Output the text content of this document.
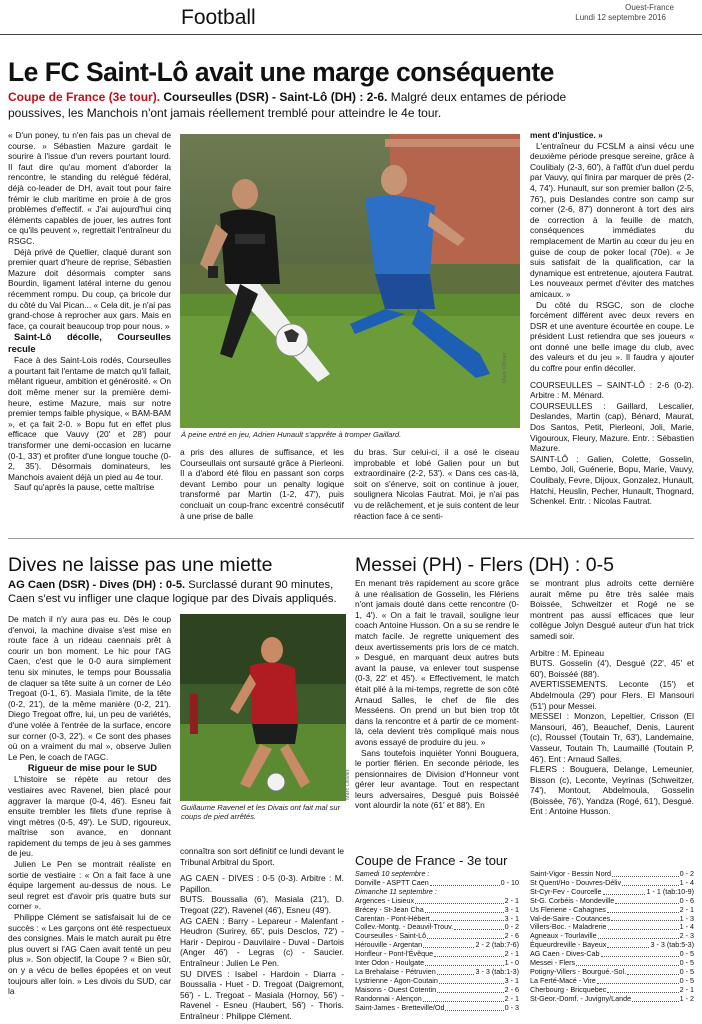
Football	Ouest-France
Lundi 12 septembre 2016
Le FC Saint-Lô avait une marge conséquente
Coupe de France (3e tour). Courseulles (DSR) - Saint-Lô (DH) : 2-6. Malgré deux entames de période poussives, les Manchois n'ont jamais réellement tremblé pour atteindre le 4e tour.

« D'un poney, tu n'en fais pas un cheval de course. » Sébastien Mazure gardait le sourire à l'issue d'un revers pourtant lourd. Il faut dire qu'au moment d'aborder la rencontre, le standing du relégué fédéral, déjà co-leader de DH, avait tout pour faire frémir le club maritime en proie à de gros problèmes d'effectif. « J'ai aujourd'hui cinq éléments capables de jouer, les autres font ce qu'ils peuvent », regrettait l'entraîneur du RSGC.

Déjà privé de Quellier, claqué durant son premier quart d'heure de reprise, Sébastien Mazure doit désormais compter sans Bourdin, ligament latéral interne du genou récemment rompu. Du coup, ça bricole dur du côté du Val Pican... « Cela dit, je n'ai pas grand-chose à reprocher aux gars. Mais en face, ça courait beaucoup trop pour nous. »

Saint-Lô décolle, Courseulles recule

Face à des Saint-Lois rodés, Courseulles a pourtant fait l'entame de match qu'il fallait, mêlant rigueur, ambition et générosité. « On doit même mener sur la première demi-heure, estime Mazure, mais sur notre premier temps faible physique, « BAM-BAM », et ça fait 2-0. » Bopu fut en effet plus efficace que Vauvy (20' et 28') pour transformer une demi-occasion en lucarne (0-1, 33') et profiter d'une longue touche (0-2, 35'). Désormais dominateurs, les Manchois avaient déjà un pied au 4e tour.

Sauf qu'après la pause, cette maîtrise

À peine entré en jeu, Adrien Hunault s'apprête à tromper Gaillard.
Marc Ollivier

a pris des allures de suffisance, et les Courseullais ont sursauté grâce à Pierleoni. Il a d'abord été filou en passant son corps devant Lembo pour un penalty logique transformé par Martin (1-2, 47'), puis concluait un coup-franc excentré consécutif à une prise de balle

du bras. Sur celui-ci, il a osé le ciseau improbable et lobé Galien pour un but extraordinaire (2-2, 53'). « Dans ces cas-là, soit on s'énerve, soit on continue à jouer, soulignera Nicolas Fautrat. Moi, je n'ai pas vu de relâchement, et je suis content de leur réaction face à ce senti-

ment d'injustice. »

L'entraîneur du FCSLM a ainsi vécu une deuxième période presque sereine, grâce à Coulibaly (2-3, 60'), à l'affût d'un duel perdu par Vauvy, qui finira par marquer de près (2-4, 74'). Hunault, sur son premier ballon (2-5, 76'), puis Deslandes contre son camp sur corner (2-6, 87') donneront à tort des airs de correction à la feuille de match, conséquences immédiates du remplacement de Martin au cœur du jeu en guise de coup de poker local (70e). « Je suis satisfait de la qualification, car la dynamique est entretenue, ajoutera Fautrat. Les nouveaux permet d'éviter des matches amicaux. »

Du côté du RSGC, son de cloche forcément différent avec deux revers en DSR et une aventure écourtée en coupe. Le président Lust retiendra que ses joueurs « ont donné une belle image du club, avec des valeurs et du jeu ». Il faudra y ajouter du coffre pour enfin décoller.

COURSEULLES – SAINT-LÔ : 2-6 (0-2). Arbitre : M. Ménard.

COURSEULLES : Gaillard, Lescalier, Deslandes, Martin (cap), Bénard, Maurat, Dos Santos, Petit, Pierleoni, Joli, Marie, Vigouroux, Fleury, Mazure. Entr. : Sébastien Mazure.

SAINT-LÔ : Galien, Colette, Gosselin, Lembo, Joli, Guénerie, Bopu, Marie, Vauvy, Coulibaly, Fevre, Dijoux, Gonzalez, Hunault, Hatchi, Heuslin, Pecher, Hunault, Thognard, Schenkel. Entr. : Nicolas Fautrat.

Dives ne laisse pas une miette
AG Caen (DSR) - Dives (DH) : 0-5. Surclassé durant 90 minutes, Caen s'est vu infliger une claque logique par des Divais appliqués.

De match il n'y aura pas eu. Dès le coup d'envoi, la machine divaise s'est mise en route face à un rideau caennais prêt à courir un bon moment. Le hic pour l'AG Caen, c'est que le 0-0 aura simplement tenu six minutes, le temps pour Boussalia de claquer sa tête suite à un corner de Léo Tregoat (0-1, 6'). Masiala l'imite, de la tête (0-2, 21'), de la même manière (0-2, 21'). Diego Tregoat offre, lui, un peu de variétés, d'une volée à l'entrée de la surface, encore sur corner (0-3, 22'). « Ce sont des phases où on a vraiment du mal », observe Julien Le Pen, le coach de l'AGC.

Rigueur de mise pour le SUD

L'histoire se répète au retour des vestiaires avec Ravenel, bien placé pour aggraver la marque (0-4, 46'). Esneu fait ensuite trembler les filets d'une reprise à vingt mètres (0-5, 49'). Le SUD, rigoureux, maîtrise son avance, en donnant rapidement du temps de jeu à ses gammes de jeu.

Julien Le Pen se montrait réaliste en sortie de vestiaire : « On a fait face à une équipe largement au-dessus de nous. Le seul regret est d'avoir pris quatre buts sur corner ».

Philippe Clément se satisfaisait lui de ce succès : « Les garçons ont été respectueux des consignes. Mais le match aurait pu être plus ouvert si l'AG Caen avait tenté un peu plus ». Son objectif, la Coupe ? « Bien sûr, on y a vécu de belles épopées et on veut toujours aller loin. » Les divois du SUD, car la

Guillaume Ravenel et les Divais ont fait mal sur coups de pied arrêtés.
Marc Ollivier

connaîtra son sort définitif ce lundi devant le Tribunal Arbitral du Sport.

AG CAEN - DIVES : 0-5 (0-3). Arbitre : M. Papillon.

BUTS. Boussalia (6'), Masiala (21'), D. Tregoat (22'), Ravenel (46'), Esneu (49').

AG CAEN : Barry - Lepareur - Malenfant - Heudron (Surirey, 65', puis Desclos, 72') - Harir - Depirou - Dauvilaire - Duval - Dartois (Anger 46') - Legras (c) - Saucier. Entraîneur : Julien Le Pen.

SU DIVES : Isabel - Hardoin - Diarra - Boussalia - Huet - D. Tregoat (Daigremont, 56') - L. Tregoat - Masiala (Hornoy, 56') - Ravenel - Esneu (Haubert, 56') - Thoris. Entraîneur : Philippe Clément.

Messei (PH) - Flers (DH) : 0-5

En menant très rapidement au score grâce à une réalisation de Gosselin, les Flériens n'ont jamais douté dans cette rencontre (0-1, 4'). « On a fait le travail, souligne leur coach Antoine Husson. On a su se rendre le match facile. Je regrette uniquement des deux avertissements pris lors de ce match. » Desgué, en marquant deux autres buts avant la pause, va enlever tout suspense (0-3, 22' et 45'). « Effectivement, le match était plié à la mi-temps, regrette de son côté Arnaud Salles, le chef de file des Messéens. On prend un but bien trop tôt dans la rencontre et à partir de ce moment-là, cela devient très compliqué mais nous avons essayé de produire du jeu. »

Sans toutefois inquiéter Yonni Bouguera, le portier flérien. En seconde période, les pensionnaires de Division d'Honneur vont gérer leur avantage. Tout en respectant leurs adversaires, Desgué puis Boisséé vont alourdir la note (61' et 88'). En

se montrant plus adroits cette dernière aurait même pu être très salée mais Boissée, Schweitzer et Rogé ne se montrent pas aussi efficaces que leur collègue Jolyn Desgué auteur d'un hat trick samedi soir.

Arbitre : M. Epineau

BUTS. Gosselin (4'), Desgué (22', 45' et 60'), Boisséé (88').

AVERTISSEMENTS. Leconte (15') et Abdelmoula (29') pour Flers. El Mansouri (51') pour Messei.

MESSEI : Monzon, Lepeltier, Crisson (El Mansouri, 46'), Beauchef, Denis, Laurent (c), Roussel (Toutain Tr, 63'), Landemaine, Vasseur, Toutain Th, Laumaillé (Toutain P, 46'). Ent : Arnaud Salles.

FLERS : Bouguera, Delange, Lemeunier, Bisson (c), Leconte, Veyrinas (Schweitzer, 74'), Montout, Abdelmoula, Gosselin (Boissée, 76'), Yandza (Rogé, 61'), Desgué. Ent : Antoine Husson.

Coupe de France - 3e tour
Samedi 10 septembre :
Donville - ASPTT Caen	0 - 10
Dimanche 11 septembre :
Argences - Lisieux	2 - 1
Brécey - St-Jean Cha	3 - 1
Carentan - Pont-Hébert	3 - 1
Collev.-Montg. - Deauvil-Trouv.	0 - 2
Courseulles - Saint-Lô	2 - 6
Hérouville - Argentan	2 - 2 (tab:7-6)
Honfleur - Pont-l'Évêque	2 - 1
Inter Odon - Houlgate	1 - 0
La Brehalaise - Pétruvien	3 - 3 (tab:1-3)
Lystrienne - Agon-Coutain	3 - 1
Maisons - Ouest Cotentin	2 - 6
Randonnai - Alençon	2 - 1
Saint-James - Bretteville/Od	0 - 3
Saint-Vigor - Bessin Nord	0 - 2
St Quent/Ho - Douvres-Déliv	1 - 4
St-Cyr-Fev - Courcelle	1 - 1 (tab:10-9)
St-G. Corbéis - Mondeville	0 - 6
Us Fleriene - Cahagnes	2 - 1
Val-de-Saire - Coutances	1 - 3
Villers-Boc. - Maladrerie	1 - 4
Agneaux - Tourlaville	2 - 3
Équeurdreville - Bayeux	3 - 3 (tab:5-3)
AG Caen - Dives-Cab	0 - 5
Messei - Flers	0 - 5
Potigny-Villers - Bourgué.-Sol.	0 - 5
La Ferté-Macé - Vire	0 - 5
Cherbourg - Bricquebec	2 - 1
St-Geor.-Domf. - Juvigny/Lande	1 - 2
